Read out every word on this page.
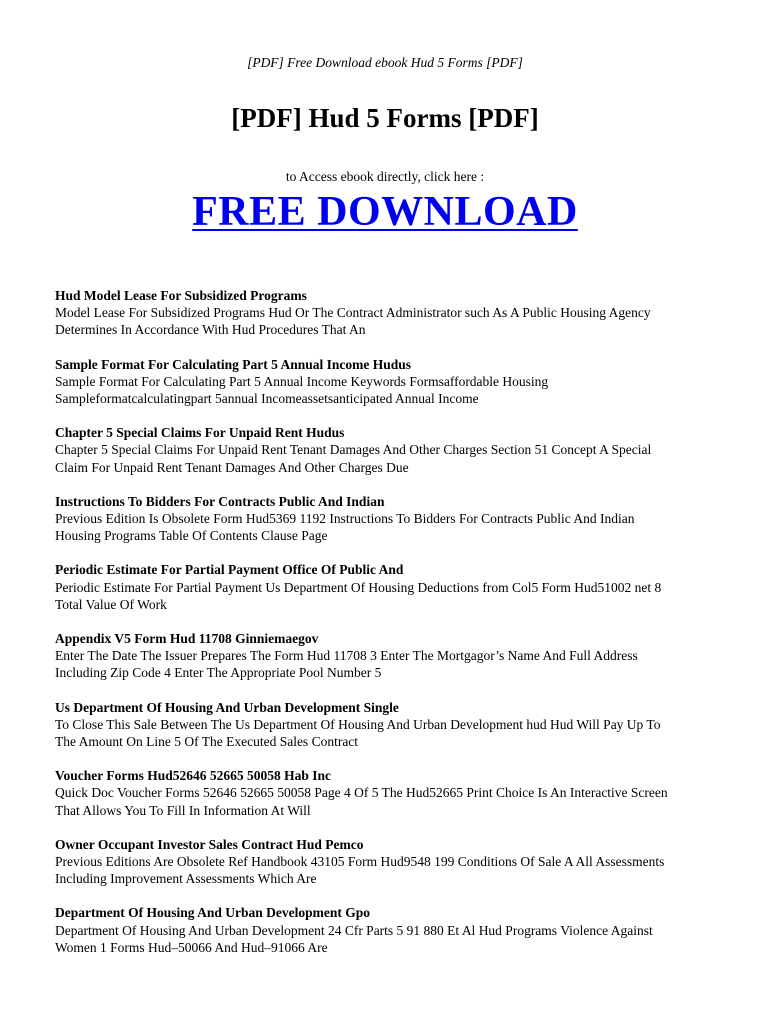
[PDF] Free Download ebook Hud 5 Forms [PDF]
[PDF] Hud 5 Forms [PDF]
to Access ebook directly, click here :
FREE DOWNLOAD
Hud Model Lease For Subsidized Programs
Model Lease For Subsidized Programs Hud Or The Contract Administrator such As A Public Housing Agency
Determines In Accordance With Hud Procedures That An
Sample Format For Calculating Part 5 Annual Income Hudus
Sample Format For Calculating Part 5 Annual Income Keywords Formsaffordable Housing
Sampleformatcalculatingpart 5annual Incomeassetsanticipated Annual Income
Chapter 5 Special Claims For Unpaid Rent Hudus
Chapter 5 Special Claims For Unpaid Rent Tenant Damages And Other Charges Section 51 Concept A Special
Claim For Unpaid Rent Tenant Damages And Other Charges Due
Instructions To Bidders For Contracts Public And Indian
Previous Edition Is Obsolete Form Hud5369 1192 Instructions To Bidders For Contracts Public And Indian
Housing Programs Table Of Contents Clause Page
Periodic Estimate For Partial Payment Office Of Public And
Periodic Estimate For Partial Payment Us Department Of Housing Deductions from Col5 Form Hud51002 net 8
Total Value Of Work
Appendix V5 Form Hud 11708 Ginniemaegov
Enter The Date The Issuer Prepares The Form Hud 11708 3 Enter The Mortgagor’s Name And Full Address
Including Zip Code 4 Enter The Appropriate Pool Number 5
Us Department Of Housing And Urban Development Single
To Close This Sale Between The Us Department Of Housing And Urban Development hud Hud Will Pay Up To
The Amount On Line 5 Of The Executed Sales Contract
Voucher Forms Hud52646 52665 50058 Hab Inc
Quick Doc Voucher Forms 52646 52665 50058 Page 4 Of 5 The Hud52665 Print Choice Is An Interactive Screen
That Allows You To Fill In Information At Will
Owner Occupant Investor Sales Contract Hud Pemco
Previous Editions Are Obsolete Ref Handbook 43105 Form Hud9548 199 Conditions Of Sale A All Assessments
Including Improvement Assessments Which Are
Department Of Housing And Urban Development Gpo
Department Of Housing And Urban Development 24 Cfr Parts 5 91 880 Et Al Hud Programs Violence Against
Women 1 Forms Hud–50066 And Hud–91066 Are
